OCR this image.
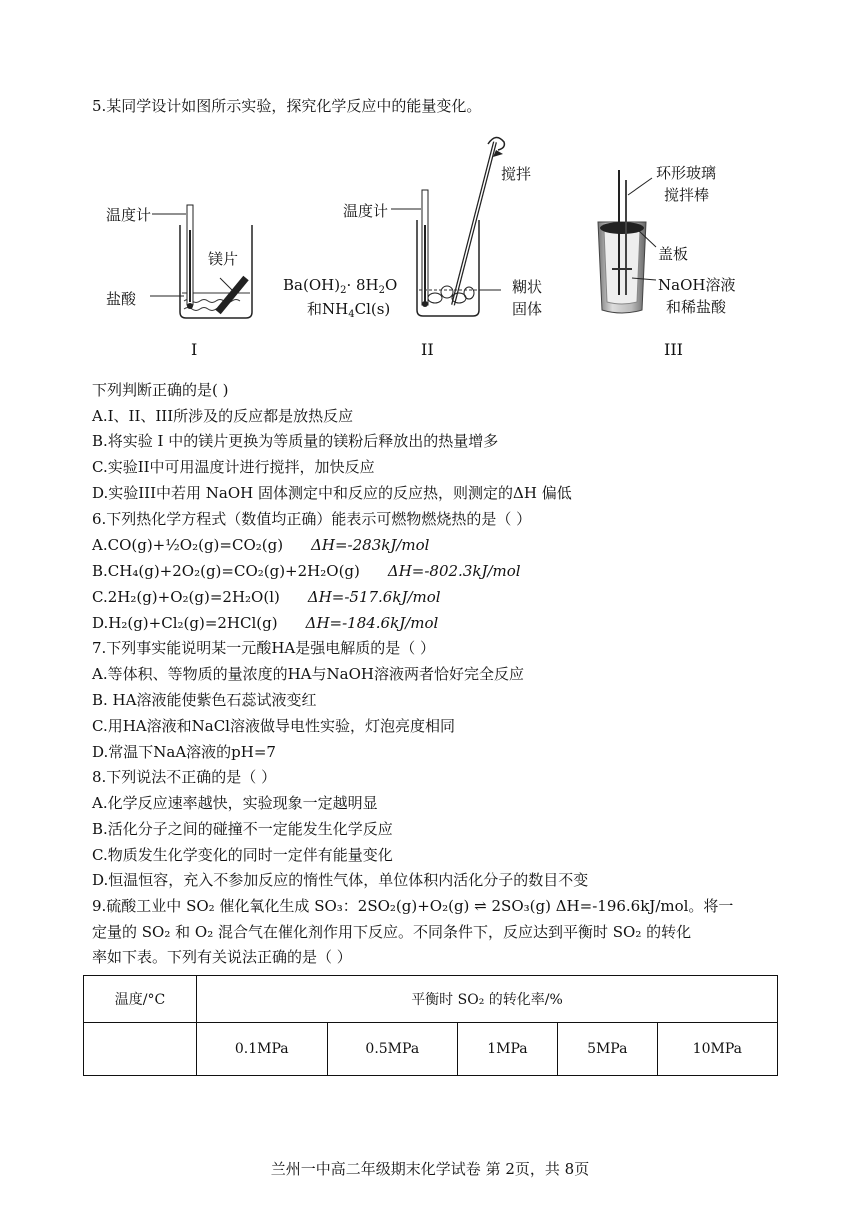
5.某同学设计如图所示实验，探究化学反应中的能量变化。
温度计
镁片
盐酸
I
温度计
搅拌
$Ba(OH)_2\cdot 8H_2O$
和$NH_4Cl(s)$
糊状
固体
II
环形玻璃
搅拌棒
盖板
NaOH溶液
和稀盐酸
III
下列判断正确的是( )
A.I、II、III所涉及的反应都是放热反应
B.将实验 I 中的镁片更换为等质量的镁粉后释放出的热量增多
C.实验II中可用温度计进行搅拌，加快反应
D.实验III中若用 NaOH 固体测定中和反应的反应热，则测定的ΔH 偏低
6.下列热化学方程式（数值均正确）能表示可燃物燃烧热的是（ ）
A.CO(g)+½O₂(g)=CO₂(g) ΔH=-283kJ/mol
B.CH₄(g)+2O₂(g)=CO₂(g)+2H₂O(g) ΔH=-802.3kJ/mol
C.2H₂(g)+O₂(g)=2H₂O(l) ΔH=-517.6kJ/mol
D.H₂(g)+Cl₂(g)=2HCl(g) ΔH=-184.6kJ/mol
7.下列事实能说明某一元酸HA是强电解质的是（ ）
A.等体积、等物质的量浓度的HA与NaOH溶液两者恰好完全反应
B. HA溶液能使紫色石蕊试液变红
C.用HA溶液和NaCl溶液做导电性实验，灯泡亮度相同
D.常温下NaA溶液的pH=7
8.下列说法不正确的是（ ）
A.化学反应速率越快，实验现象一定越明显
B.活化分子之间的碰撞不一定能发生化学反应
C.物质发生化学变化的同时一定伴有能量变化
D.恒温恒容，充入不参加反应的惰性气体，单位体积内活化分子的数目不变
9.硫酸工业中 SO₂ 催化氧化生成 SO₃：2SO₂(g)+O₂(g) ⇌ 2SO₃(g) ΔH=-196.6kJ/mol。将一
定量的 SO₂ 和 O₂ 混合气在催化剂作用下反应。不同条件下，反应达到平衡时 SO₂ 的转化
率如下表。下列有关说法正确的是（ ）
温度/°C	平衡时 SO₂ 的转化率/%				
	0.1MPa	0.5MPa	1MPa	5MPa	10MPa
兰州一中高二年级期末化学试卷 第 2页，共 8页
